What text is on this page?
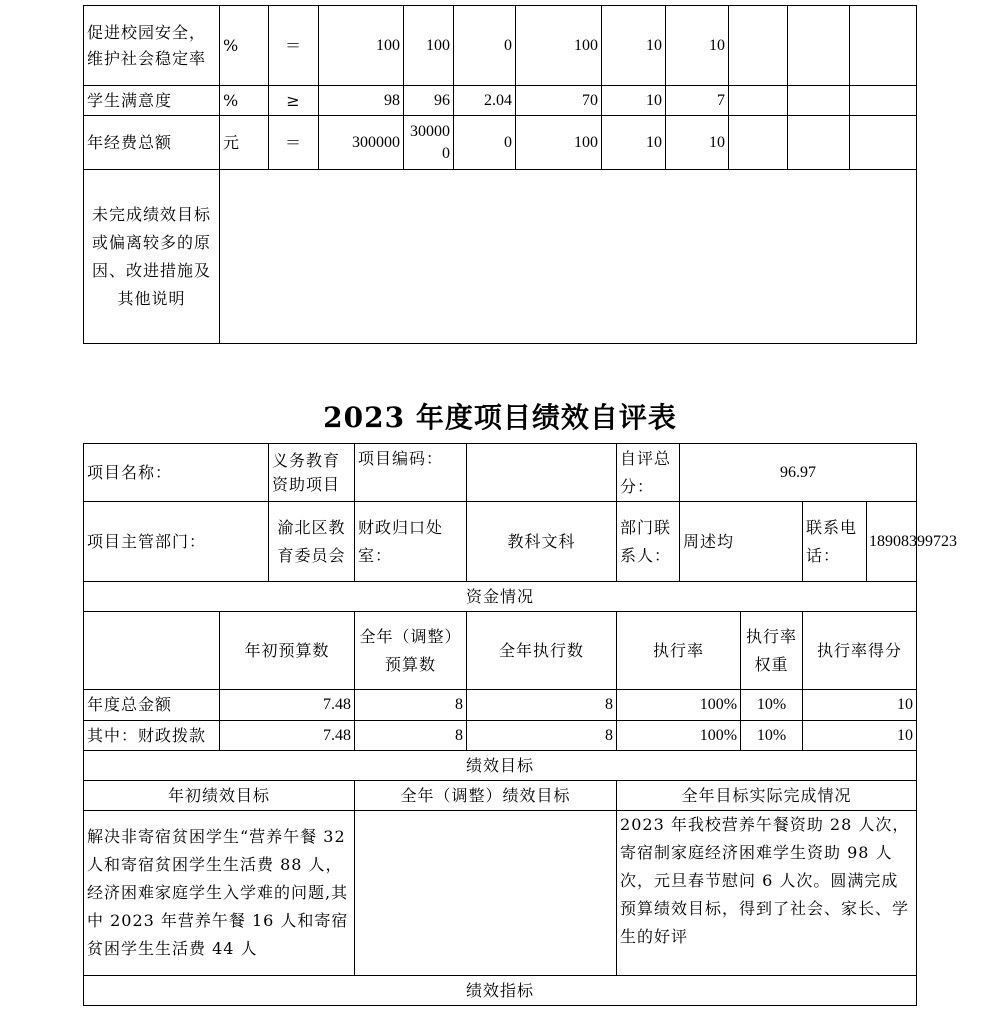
促进校园安全，维护社会稳定率	%	＝	100	100	0	100	10	10			
学生满意度	%	≥	98	96	2.04	70	10	7			
年经费总额	元	＝	300000	300000	0	100	10	10			
未完成绩效目标或偏离较多的原因、改进措施及其他说明											
2023 年度项目绩效自评表
项目名称：		义务教育资助项目	项目编码：		自评总分：	96.97			
项目主管部门：		渝北区教育委员会	财政归口处室：	教科文科	部门联系人：	周述均		联系电话：	18908399723
资金情况									
	年初预算数		全年（调整）预算数	全年执行数	执行率		执行率权重	执行率得分	
年度总金额	7.48		8	8	100%		10%	10	
其中：财政拨款	7.48		8	8	100%		10%	10	
绩效目标									
年初绩效目标			全年（调整）绩效目标		全年目标实际完成情况				
解决非寄宿贫困学生“营养午餐 32 人和寄宿贫困学生生活费 88 人，经济困难家庭学生入学难的问题,其中 2023 年营养午餐 16 人和寄宿贫困学生生活费 44 人					2023 年我校营养午餐资助 28 人次，寄宿制家庭经济困难学生资助 98 人次，元旦春节慰问 6 人次。圆满完成预算绩效目标，得到了社会、家长、学生的好评				
绩效指标									
